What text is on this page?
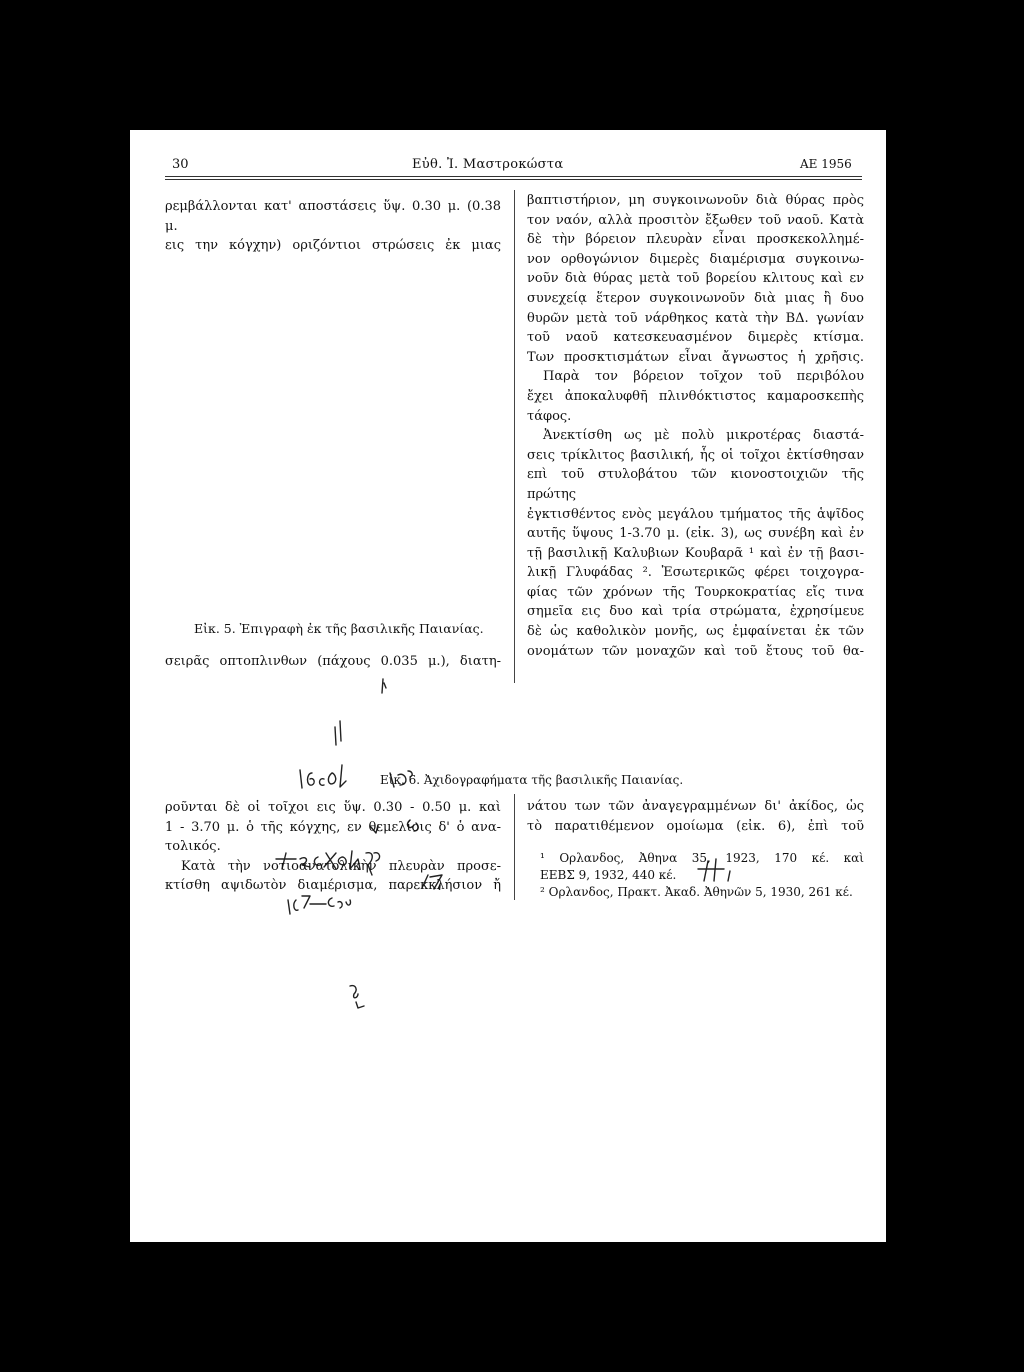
30	Εὐθ. Ἰ. Μαστροκώστα	ΑΕ 1956

ρεμβάλλονται κατ' αποστάσεις ὕψ. 0.30 μ. (0.38 μ.

εις την κόγχην) οριζόντιοι στρώσεις ἐκ μιας

Εἰκ. 5. Ἐπιγραφὴ ἐκ τῆς βασιλικῆς Παιανίας.

σειρᾶς οπτοπλινθων (πάχους 0.035 μ.), διατη-

βαπτιστήριον, μη συγκοινωνοῦν διὰ θύρας πρὸς

τον ναόν, αλλὰ προσιτὸν ἔξωθεν τοῦ ναοῦ. Κατὰ

δὲ τὴν βόρειον πλευρὰν εἶναι προσκεκολλημέ-

νον ορθογώνιον διμερὲς διαμέρισμα συγκοινω-

νοῦν διὰ θύρας μετὰ τοῦ βορείου κλιτους καὶ εν

συνεχείᾳ ἕτερον συγκοινωνοῦν διὰ μιας ἢ δυο

θυρῶν μετὰ τοῦ νάρθηκος κατὰ τὴν ΒΔ. γωνίαν

τοῦ ναοῦ κατεσκευασμένον διμερὲς κτίσμα.

Των προσκτισμάτων εἶναι ἄγνωστος ἡ χρῆσις.

Παρὰ τον βόρειον τοῖχον τοῦ περιβόλου

ἔχει ἀποκαλυφθῆ πλινθόκτιστος καμαροσκεπὴς

τάφος.

Ἀνεκτίσθη ως μὲ πολὺ μικροτέρας διαστά-

σεις τρίκλιτος βασιλική, ἧς οἱ τοῖχοι ἐκτίσθησαν

επὶ τοῦ στυλοβάτου τῶν κιονοστοιχιῶν τῆς πρώτης

ἐγκτισθέντος ενὸς μεγάλου τμήματος τῆς ἁψῖδος

αυτῆς ὕψους 1-3.70 μ. (εἰκ. 3), ως συνέβη καὶ ἐν

τῇ βασιλικῇ Καλυβιων Κουβαρᾶ ¹ καὶ ἐν τῇ βασι-

λικῇ Γλυφάδας ². Ἐσωτερικῶς φέρει τοιχογρα-

φίας τῶν χρόνων τῆς Τουρκοκρατίας εἴς τινα

σημεῖα εις δυο καὶ τρία στρώματα, ἐχρησίμευε

δὲ ὡς καθολικὸν μονῆς, ως ἐμφαίνεται ἐκ τῶν

ονομάτων τῶν μοναχῶν καὶ τοῦ ἔτους τοῦ θα-

Εἰκ. 6. Ἀχιδογραφήματα τῆς βασιλικῆς Παιανίας.

ροῦνται δὲ οἱ τοῖχοι εις ὕψ. 0.30 - 0.50 μ. καὶ

1 - 3.70 μ. ὁ τῆς κόγχης, εν θεμελίοις δ' ὁ ανα-

τολικός.

Κατὰ τὴν νοτιοανατολικὴν πλευρὰν προσε-

κτίσθη αψιδωτὸν διαμέρισμα, παρεκκλήσιον ἤ

νάτου των τῶν ἀναγεγραμμένων δι' ἀκίδος, ὡς

τὸ παρατιθέμενον ομοίωμα (εἰκ. 6), ἐπὶ τοῦ

¹ Ορλανδος, Ἀθηνα 35, 1923, 170 κέ. καὶ

ΕΕΒΣ 9, 1932, 440 κέ.

² Ορλανδος, Πρακτ. Ἀκαδ. Ἀθηνῶν 5, 1930, 261 κέ.
